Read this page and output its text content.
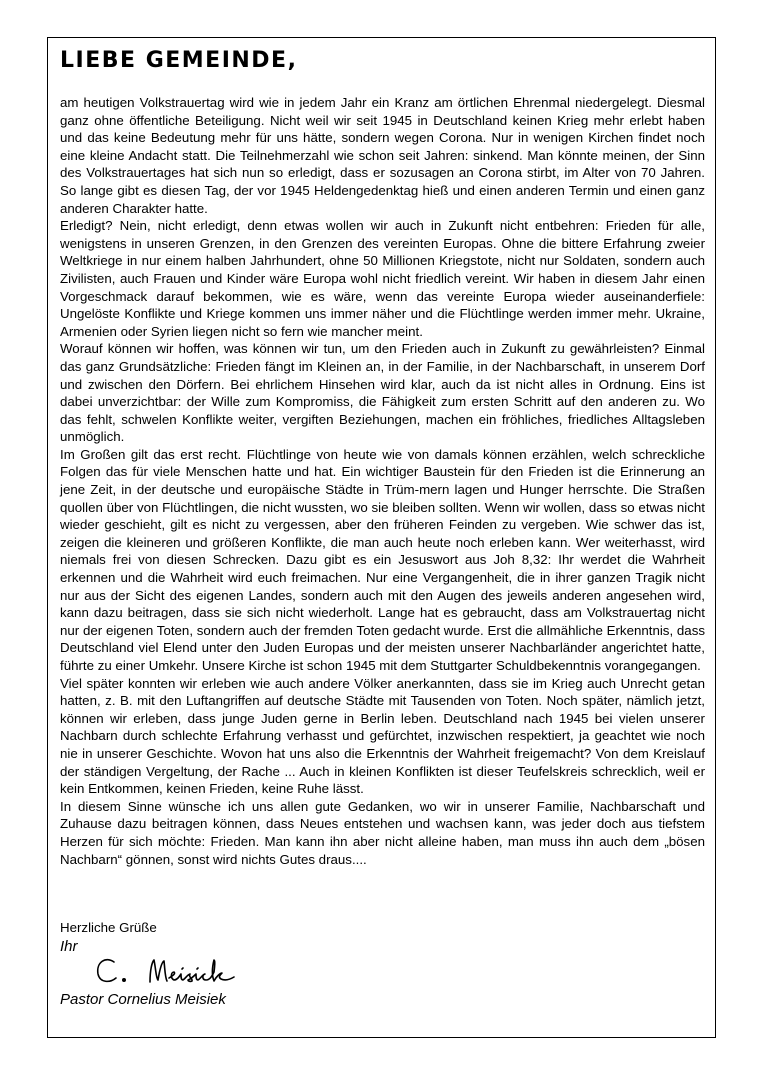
LIEBE GEMEINDE,

am heutigen Volkstrauertag wird wie in jedem Jahr ein Kranz am örtlichen Ehrenmal niedergelegt. Diesmal ganz ohne öffentliche Beteiligung. Nicht weil wir seit 1945 in Deutschland keinen Krieg mehr erlebt haben und das keine Bedeutung mehr für uns hätte, sondern wegen Corona. Nur in wenigen Kirchen findet noch eine kleine Andacht statt. Die Teilnehmerzahl wie schon seit Jahren: sinkend. Man könnte meinen, der Sinn des Volkstrauertages hat sich nun so erledigt, dass er sozusagen an Corona stirbt, im Alter von 70 Jahren. So lange gibt es diesen Tag, der vor 1945 Heldengedenktag hieß und einen anderen Termin und einen ganz anderen Charakter hatte.

Erledigt? Nein, nicht erledigt, denn etwas wollen wir auch in Zukunft nicht entbehren: Frieden für alle, wenigstens in unseren Grenzen, in den Grenzen des vereinten Europas. Ohne die bittere Erfahrung zweier Weltkriege in nur einem halben Jahrhundert, ohne 50 Millionen Kriegstote, nicht nur Soldaten, sondern auch Zivilisten, auch Frauen und Kinder wäre Europa wohl nicht friedlich vereint. Wir haben in diesem Jahr einen Vorgeschmack darauf bekommen, wie es wäre, wenn das vereinte Europa wieder auseinanderfiele: Ungelöste Konflikte und Kriege kommen uns immer näher und die Flüchtlinge werden immer mehr. Ukraine, Armenien oder Syrien liegen nicht so fern wie mancher meint.

Worauf können wir hoffen, was können wir tun, um den Frieden auch in Zukunft zu gewährleisten? Einmal das ganz Grundsätzliche: Frieden fängt im Kleinen an, in der Familie, in der Nachbarschaft, in unserem Dorf und zwischen den Dörfern. Bei ehrlichem Hinsehen wird klar, auch da ist nicht alles in Ordnung. Eins ist dabei unverzichtbar: der Wille zum Kompromiss, die Fähigkeit zum ersten Schritt auf den anderen zu. Wo das fehlt, schwelen Konflikte weiter, vergiften Beziehungen, machen ein fröhliches, friedliches Alltagsleben unmöglich.

Im Großen gilt das erst recht. Flüchtlinge von heute wie von damals können erzählen, welch schreckliche Folgen das für viele Menschen hatte und hat. Ein wichtiger Baustein für den Frieden ist die Erinnerung an jene Zeit, in der deutsche und europäische Städte in Trüm-mern lagen und Hunger herrschte. Die Straßen quollen über von Flüchtlingen, die nicht wussten, wo sie bleiben sollten. Wenn wir wollen, dass so etwas nicht wieder geschieht, gilt es nicht zu vergessen, aber den früheren Feinden zu vergeben. Wie schwer das ist, zeigen die kleineren und größeren Konflikte, die man auch heute noch erleben kann. Wer weiterhasst, wird niemals frei von diesen Schrecken. Dazu gibt es ein Jesuswort aus Joh 8,32: Ihr werdet die Wahrheit erkennen und die Wahrheit wird euch freimachen. Nur eine Vergangenheit, die in ihrer ganzen Tragik nicht nur aus der Sicht des eigenen Landes, sondern auch mit den Augen des jeweils anderen angesehen wird, kann dazu beitragen, dass sie sich nicht wiederholt. Lange hat es gebraucht, dass am Volkstrauertag nicht nur der eigenen Toten, sondern auch der fremden Toten gedacht wurde. Erst die allmähliche Erkenntnis, dass Deutschland viel Elend unter den Juden Europas und der meisten unserer Nachbarländer angerichtet hatte, führte zu einer Umkehr. Unsere Kirche ist schon 1945 mit dem Stuttgarter Schuldbekenntnis vorangegangen.

Viel später konnten wir erleben wie auch andere Völker anerkannten, dass sie im Krieg auch Unrecht getan hatten, z. B. mit den Luftangriffen auf deutsche Städte mit Tausenden von Toten. Noch später, nämlich jetzt, können wir erleben, dass junge Juden gerne in Berlin leben. Deutschland nach 1945 bei vielen unserer Nachbarn durch schlechte Erfahrung verhasst und gefürchtet, inzwischen respektiert, ja geachtet wie noch nie in unserer Geschichte. Wovon hat uns also die Erkenntnis der Wahrheit freigemacht? Von dem Kreislauf der ständigen Vergeltung, der Rache ... Auch in kleinen Konflikten ist dieser Teufelskreis schrecklich, weil er kein Entkommen, keinen Frieden, keine Ruhe lässt.

In diesem Sinne wünsche ich uns allen gute Gedanken, wo wir in unserer Familie, Nachbarschaft und Zuhause dazu beitragen können, dass Neues entstehen und wachsen kann, was jeder doch aus tiefstem Herzen für sich möchte: Frieden. Man kann ihn aber nicht alleine haben, man muss ihn auch dem „bösen Nachbarn“ gönnen, sonst wird nichts Gutes draus....

Herzliche Grüße
Ihr
Pastor Cornelius Meisiek
